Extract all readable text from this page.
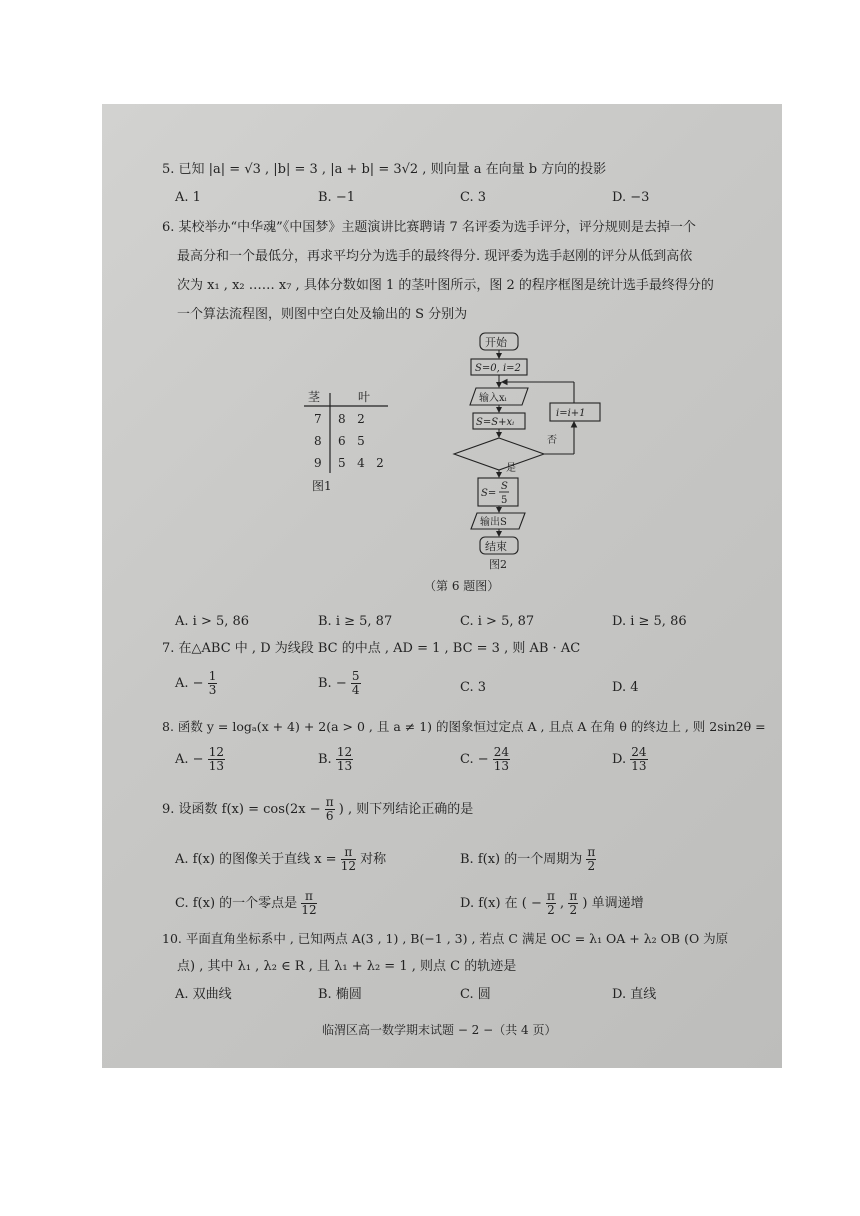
5. 已知 |a| = √3 , |b| = 3 , |a + b| = 3√2 , 则向量 a 在向量 b 方向的投影
A. 1	B. −1	C. 3	D. −3
6. 某校举办“中华魂”《中国梦》主题演讲比赛聘请 7 名评委为选手评分，评分规则是去掉一个
最高分和一个最低分，再求平均分为选手的最终得分. 现评委为选手赵刚的评分从低到高依
次为 x₁ , x₂ …… x₇ , 具体分数如图 1 的茎叶图所示，图 2 的程序框图是统计选手最终得分的
一个算法流程图，则图中空白处及输出的 S 分别为
茎	叶
7 8   2
8 6   5
9 5   4   2
图1
开始
S=0, i=2
输入xᵢ
S=S+xᵢ
否
i=i+1
是
S=
S
5
输出S
结束
图2
（第 6 题图）
A. i > 5, 86	B. i ≥ 5, 87	C. i > 5, 87	D. i ≥ 5, 86
7. 在△ABC 中 , D 为线段 BC 的中点 , AD = 1 , BC = 3 , 则 AB · AC
A. − $\frac{1}{3}$	B. − $\frac{5}{4}$	C. 3	D. 4
8. 函数 y = logₐ(x + 4) + 2(a > 0 , 且 a ≠ 1) 的图象恒过定点 A , 且点 A 在角 θ 的终边上 , 则 2sin2θ =
A. − $\frac{12}{13}$	B. $\frac{12}{13}$	C. − $\frac{24}{13}$	D. $\frac{24}{13}$
9. 设函数 $f(x) = \cos(2x - \frac{\pi}{6}$ ) , 则下列结论正确的是
A. f(x) 的图像关于直线 $x = \frac{\pi}{12}$ 对称	B. f(x) 的一个周期为 $\frac{\pi}{2}$
C. f(x) 的一个零点是 $\frac{\pi}{12}$	D. f(x) 在 ( − $\frac{\pi}{2}$ , $\frac{\pi}{2}$ ) 单调递增
10. 平面直角坐标系中 , 已知两点 A(3 , 1) , B(−1 , 3) , 若点 C 满足 OC = λ₁ OA + λ₂ OB (O 为原
点) , 其中 λ₁ , λ₂ ∈ R , 且 λ₁ + λ₂ = 1 , 则点 C 的轨迹是
A. 双曲线	B. 椭圆	C. 圆	D. 直线
临渭区高一数学期末试题 − 2 −（共 4 页）
